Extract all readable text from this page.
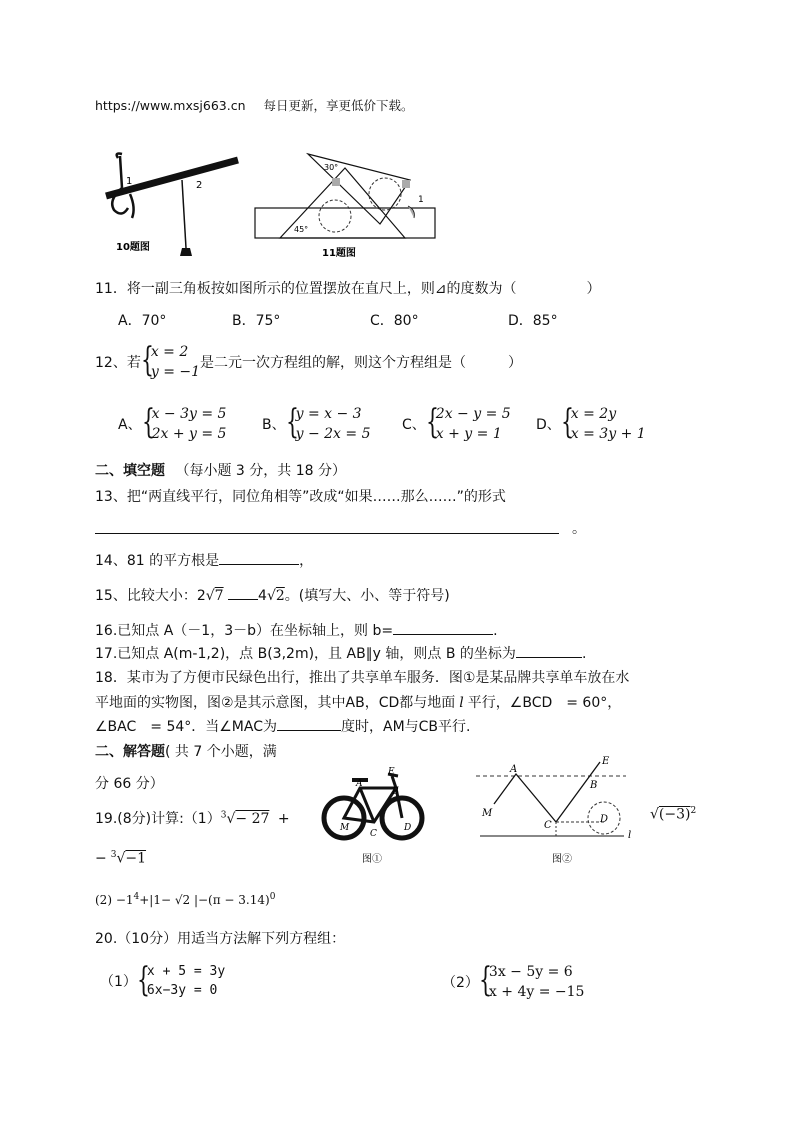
https://www.mxsj663.cn 每日更新，享更低价下载。
1	2
10题图
30°
45°
1
11题图
11．将一副三角板按如图所示的位置摆放在直尺上，则⊿的度数为（　　　　　）
A．70°	B．75°	C．80°	D．85°
12、若 {
x = 2
y = −1
是二元一次方程组的解，则这个方程组是（　　　）
A、 {
x − 3y = 5
2x + y = 5
B、 {
y = x − 3
y − 2x = 5
C、 {
2x − y = 5
x + y = 1
D、 {
x = 2y
x = 3y + 1
二、填空题 （每小题 3 分，共 18 分）
13、把“两直线平行，同位角相等”改成“如果……那么……”的形式
。
14、81 的平方根是	，
15、比较大小：2√7 4√2。(填写大、小、等于符号)
16.已知点 A（－1，3－b）在坐标轴上，则 b=	.
17.已知点 A(m-1,2)，点 B(3,2m)，且 AB∥y 轴，则点 B 的坐标为	.
18．某市为了方便市民绿色出行，推出了共享单车服务．图①是某品牌共享单车放在水
平地面的实物图，图②是其示意图，其中AB，CD都与地面 l 平行，∠BCD　= 60°，
∠BAC　= 54°．当∠MAC为	度时，AM与CB平行.
二、解答题( 共 7 个小题，满
分 66 分）
19.(8分)计算$:(1)^3√- 27$ +	$√(-3)^2$
− $^3$√−1
$(2) -1^4+|1- √2$ $|-(\pi - 3.14)^0$
E
A
B
M
C
D
图①
A
E
B
M
C
D
l
图②
20.（10分）用适当方法解下列方程组：
（1） {
x + 5 = 3y
6x−3y = 0	（2） {
3x − 5y = 6
x + 4y = −15
